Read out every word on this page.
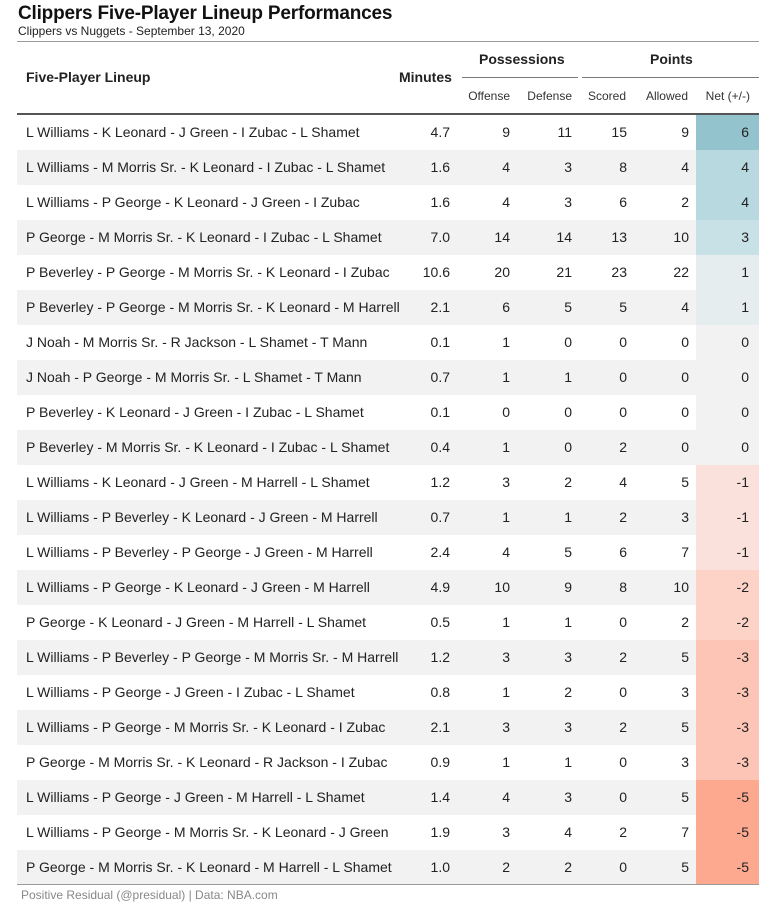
Clippers Five-Player Lineup Performances
Clippers vs Nuggets - September 13, 2020
Five-Player Lineup	Minutes
Possessions	Points
Offense	Defense	Scored	Allowed	Net (+/-)
L Williams - K Leonard - J Green - I Zubac - L Shamet	4.7	9	11	15	9	6
L Williams - M Morris Sr. - K Leonard - I Zubac - L Shamet	1.6	4	3	8	4	4
L Williams - P George - K Leonard - J Green - I Zubac	1.6	4	3	6	2	4
P George - M Morris Sr. - K Leonard - I Zubac - L Shamet	7.0	14	14	13	10	3
P Beverley - P George - M Morris Sr. - K Leonard - I Zubac 10.6	20	21	23	22	1
P Beverley - P George - M Morris Sr. - K Leonard - M Harrell 2.1	6	5	5	4	1
J Noah - M Morris Sr. - R Jackson - L Shamet - T Mann	0.1	1	0	0	0	0
J Noah - P George - M Morris Sr. - L Shamet - T Mann	0.7	1	1	0	0	0
P Beverley - K Leonard - J Green - I Zubac - L Shamet	0.1	0	0	0	0	0
P Beverley - M Morris Sr. - K Leonard - I Zubac - L Shamet	0.4	1	0	2	0	0
L Williams - K Leonard - J Green - M Harrell - L Shamet	1.2	3	2	4	5	-1
L Williams - P Beverley - K Leonard - J Green - M Harrell	0.7	1	1	2	3	-1
L Williams - P Beverley - P George - J Green - M Harrell	2.4	4	5	6	7	-1
L Williams - P George - K Leonard - J Green - M Harrell	4.9	10	9	8	10	-2
P George - K Leonard - J Green - M Harrell - L Shamet	0.5	1	1	0	2	-2
L Williams - P Beverley - P George - M Morris Sr. - M Harrell 1.2	3	3	2	5	-3
L Williams - P George - J Green - I Zubac - L Shamet	0.8	1	2	0	3	-3
L Williams - P George - M Morris Sr. - K Leonard - I Zubac	2.1	3	3	2	5	-3
P George - M Morris Sr. - K Leonard - R Jackson - I Zubac	0.9	1	1	0	3	-3
L Williams - P George - J Green - M Harrell - L Shamet	1.4	4	3	0	5	-5
L Williams - P George - M Morris Sr. - K Leonard - J Green	1.9	3	4	2	7	-5
P George - M Morris Sr. - K Leonard - M Harrell - L Shamet	1.0	2	2	0	5	-5
Positive Residual (@presidual) | Data: NBA.com
